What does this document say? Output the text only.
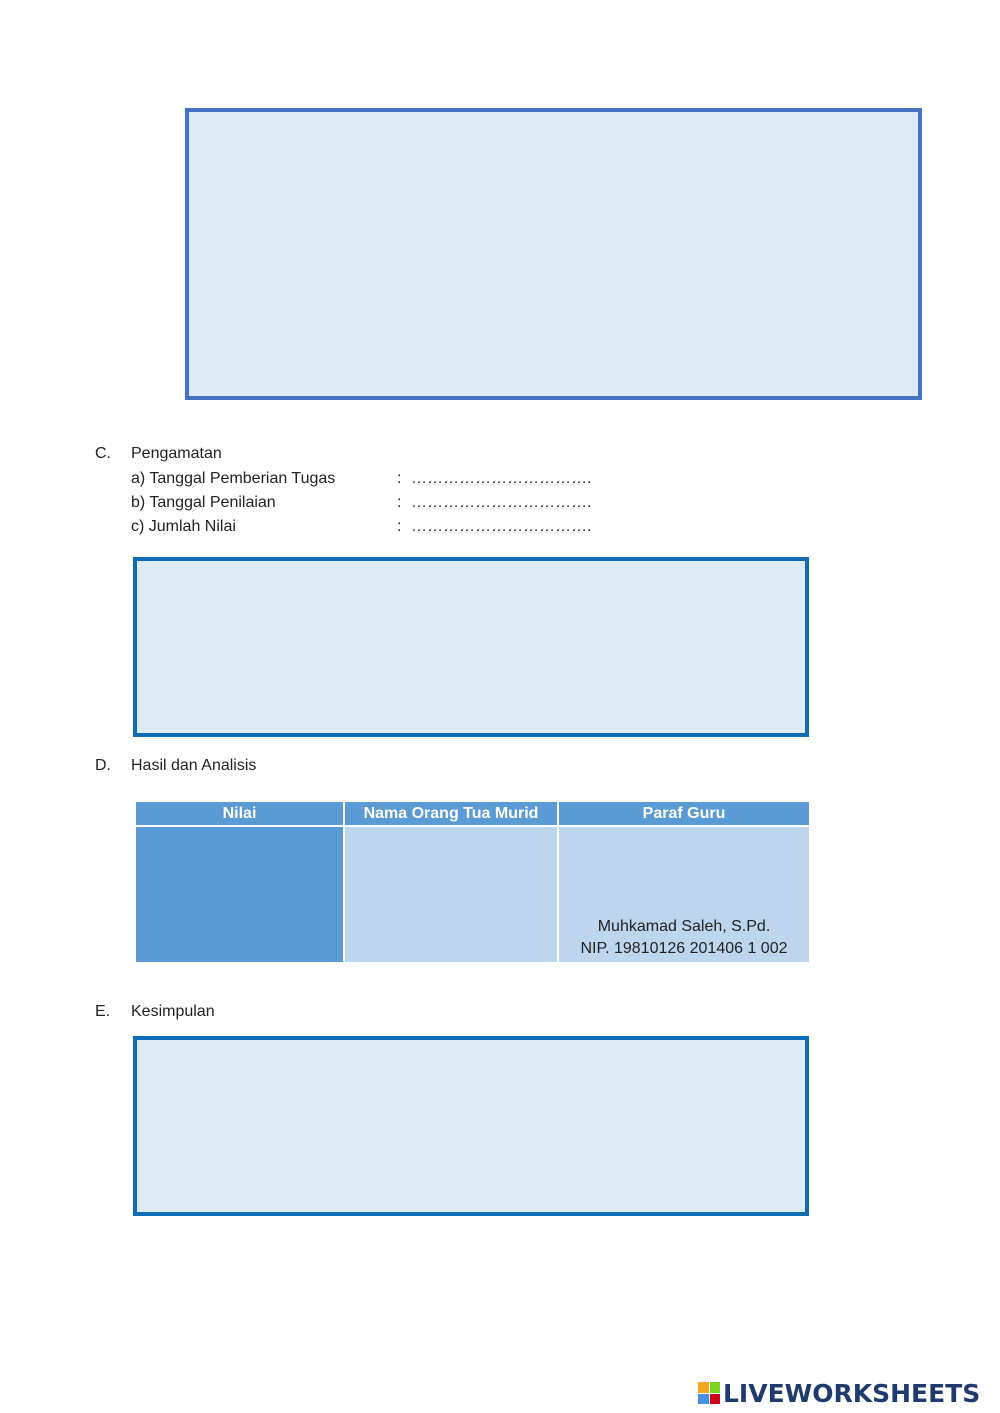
C. Pengamatan
a) Tanggal Pemberian Tugas	: …………………………….
b) Tanggal Penilaian	: …………………………….
c) Jumlah Nilai	: …………………………….
D. Hasil dan Analisis
Nilai	Nama Orang Tua Murid	Paraf Guru

		Muhkamad Saleh, S.Pd.
NIP. 19810126 201406 1 002
E. Kesimpulan
LIVEWORKSHEETS
